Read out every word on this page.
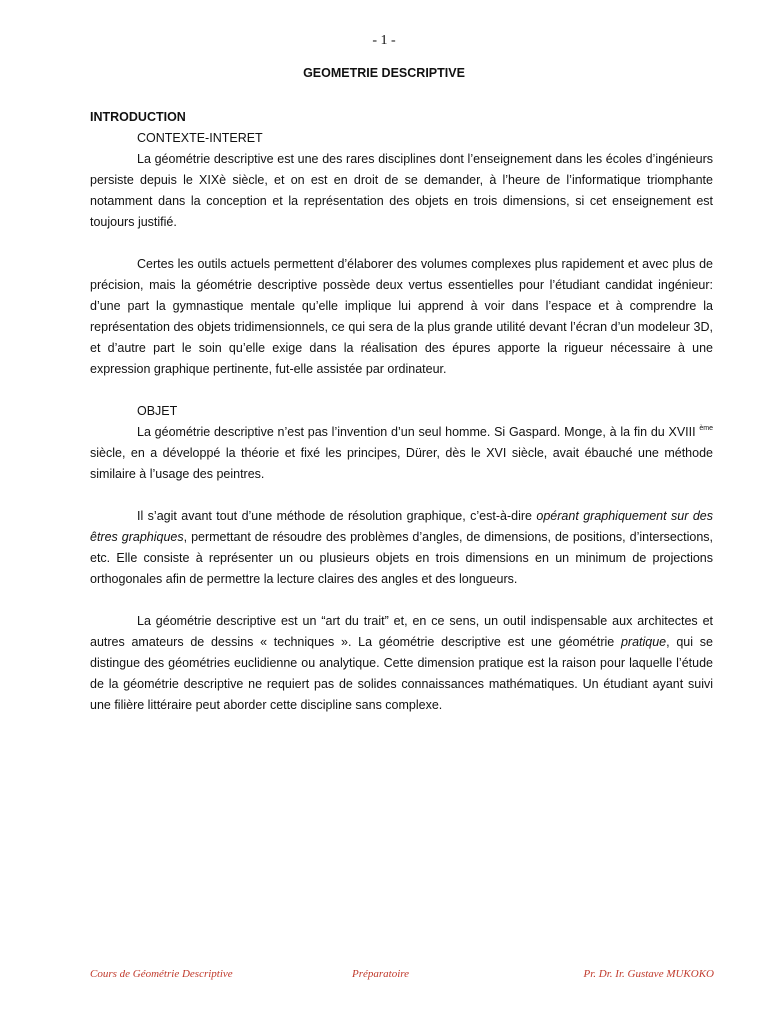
- 1 -
GEOMETRIE DESCRIPTIVE
INTRODUCTION
CONTEXTE-INTERET

La géométrie descriptive est une des rares disciplines dont l’enseignement dans les écoles d’ingénieurs persiste depuis le XIXè siècle, et on est en droit de se demander, à l’heure de l’informatique triomphante notamment dans la conception et la représentation des objets en trois dimensions, si cet enseignement est toujours justifié.

Certes les outils actuels permettent d’élaborer des volumes complexes plus rapidement et avec plus de précision, mais la géométrie descriptive possède deux vertus essentielles pour l’étudiant candidat ingénieur: d’une part la gymnastique mentale qu’elle implique lui apprend à voir dans l’espace et à comprendre la représentation des objets tridimensionnels, ce qui sera de la plus grande utilité devant l’écran d’un modeleur 3D, et d’autre part le soin qu’elle exige dans la réalisation des épures apporte la rigueur nécessaire à une expression graphique pertinente, fut-elle assistée par ordinateur.

OBJET

La géométrie descriptive n’est pas l’invention d’un seul homme. Si Gaspard. Monge, à la fin du XVIII $^{ème}$ siècle, en a développé la théorie et fixé les principes, Dürer, dès le XVI siècle, avait ébauché une méthode similaire à l’usage des peintres.

Il s’agit avant tout d’une méthode de résolution graphique, c’est-à-dire opérant graphiquement sur des êtres graphiques, permettant de résoudre des problèmes d’angles, de dimensions, de positions, d’intersections, etc. Elle consiste à représenter un ou plusieurs objets en trois dimensions en un minimum de projections orthogonales afin de permettre la lecture claires des angles et des longueurs.

La géométrie descriptive est un “art du trait” et, en ce sens, un outil indispensable aux architectes et autres amateurs de dessins « techniques ». La géométrie descriptive est une géométrie pratique, qui se distingue des géométries euclidienne ou analytique. Cette dimension pratique est la raison pour laquelle l’étude de la géométrie descriptive ne requiert pas de solides connaissances mathématiques. Un étudiant ayant suivi une filière littéraire peut aborder cette discipline sans complexe.

Cours de Géométrie Descriptive	Préparatoire	Pr. Dr. Ir. Gustave MUKOKO
